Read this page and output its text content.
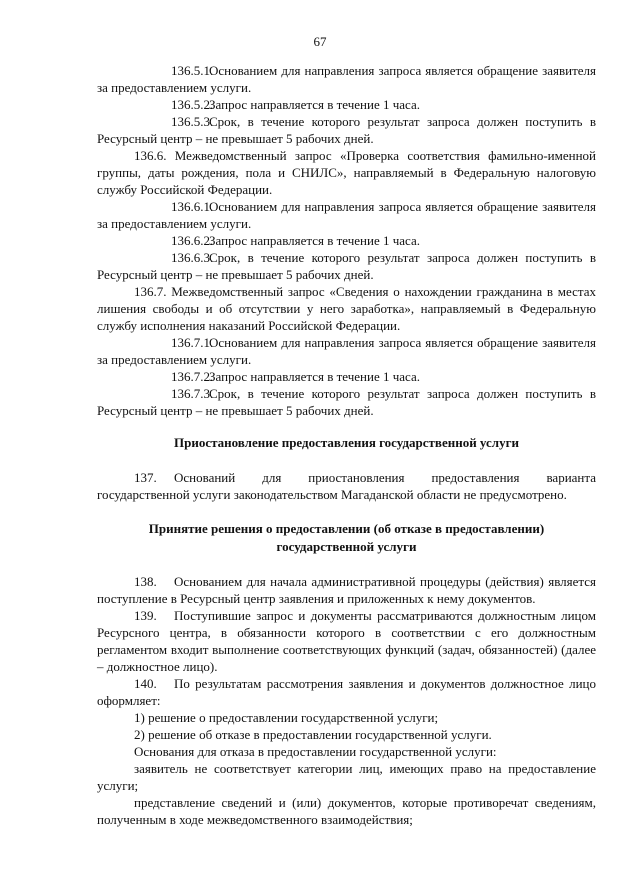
67

136.5.1.Основанием для направления запроса является обращение заявителя за предоставлением услуги.

136.5.2.Запрос направляется в течение 1 часа.

136.5.3.Срок, в течение которого результат запроса должен поступить в Ресурсный центр – не превышает 5 рабочих дней.

136.6. Межведомственный запрос «Проверка соответствия фамильно-именной группы, даты рождения, пола и СНИЛС», направляемый в Федеральную налоговую службу Российской Федерации.

136.6.1.Основанием для направления запроса является обращение заявителя за предоставлением услуги.

136.6.2.Запрос направляется в течение 1 часа.

136.6.3.Срок, в течение которого результат запроса должен поступить в Ресурсный центр – не превышает 5 рабочих дней.

136.7. Межведомственный запрос «Сведения о нахождении гражданина в местах лишения свободы и об отсутствии у него заработка», направляемый в Федеральную службу исполнения наказаний Российской Федерации.

136.7.1.Основанием для направления запроса является обращение заявителя за предоставлением услуги.

136.7.2.Запрос направляется в течение 1 часа.

136.7.3.Срок, в течение которого результат запроса должен поступить в Ресурсный центр – не превышает 5 рабочих дней.

Приостановление предоставления государственной услуги

137. Оснований для приостановления предоставления варианта государственной услуги законодательством Магаданской области не предусмотрено.

Принятие решения о предоставлении (об отказе в предоставлении)

государственной услуги

138. Основанием для начала административной процедуры (действия) является поступление в Ресурсный центр заявления и приложенных к нему документов.

139. Поступившие запрос и документы рассматриваются должностным лицом Ресурсного центра, в обязанности которого в соответствии с его должностным регламентом входит выполнение соответствующих функций (задач, обязанностей) (далее – должностное лицо).

140. По результатам рассмотрения заявления и документов должностное лицо оформляет:

1) решение о предоставлении государственной услуги;

2) решение об отказе в предоставлении государственной услуги.

Основания для отказа в предоставлении государственной услуги:

заявитель не соответствует категории лиц, имеющих право на предоставление услуги;

представление сведений и (или) документов, которые противоречат сведениям, полученным в ходе межведомственного взаимодействия;
